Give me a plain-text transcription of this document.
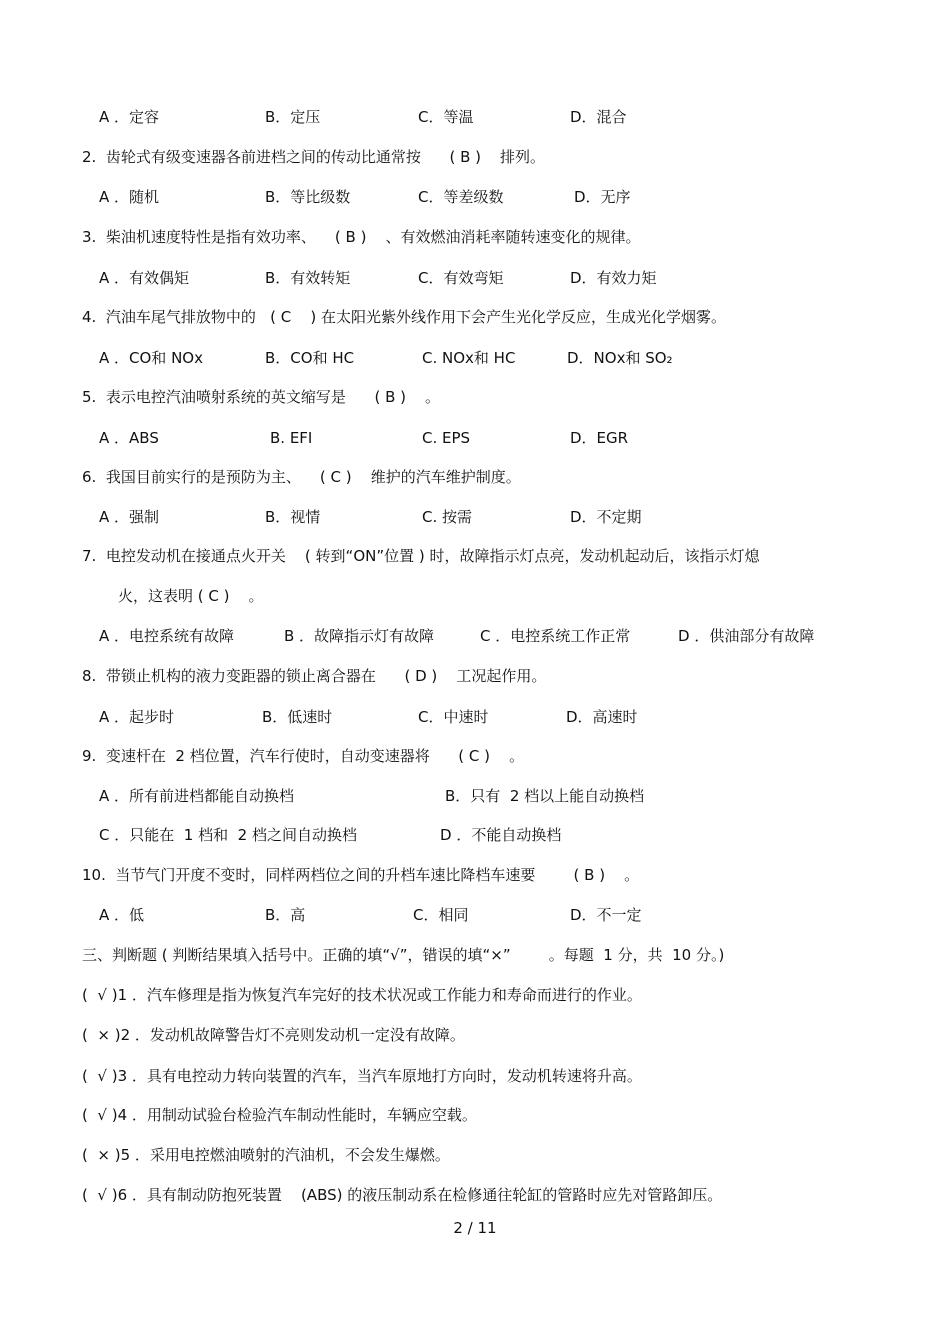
A ．定容	B．定压	C．等温	D．混合
2.  齿轮式有级变速器各前进档之间的传动比通常按      ( B )    排列。
A ．随机	B．等比级数	C．等差级数	D．无序
3.  柴油机速度特性是指有效功率、    ( B )    、有效燃油消耗率随转速变化的规律。
A ．有效偶矩	B．有效转矩	C．有效弯矩	D．有效力矩
4.  汽油车尾气排放物中的   ( C    ) 在太阳光紫外线作用下会产生光化学反应，生成光化学烟雾。
A ．CO和 NOx	B．CO和 HC	C. NOx和 HC	D．NOx和 SO₂
5.  表示电控汽油喷射系统的英文缩写是      ( B )    。
A ．ABS	B. EFI	C. EPS	D．EGR
6.  我国目前实行的是预防为主、    ( C )    维护的汽车维护制度。
A ．强制	B．视情	C. 按需	D．不定期
7.  电控发动机在接通点火开关    ( 转到“ON”位置 ) 时，故障指示灯点亮，发动机起动后，该指示灯熄
火，这表明 ( C )    。
A ．电控系统有故障	B ．故障指示灯有故障	C ．电控系统工作正常	D ．供油部分有故障
8.  带锁止机构的液力变距器的锁止离合器在      ( D )    工况起作用。
A ．起步时	B．低速时	C．中速时	D．高速时
9.  变速杆在  2 档位置，汽车行使时，自动变速器将      ( C )    。
A ．所有前进档都能自动换档	B．只有  2 档以上能自动换档
C ．只能在  1 档和  2 档之间自动换档	D ．不能自动换档
10.  当节气门开度不变时，同样两档位之间的升档车速比降档车速要        ( B )    。
A ．低	B．高	C．相同	D．不一定
三、判断题 ( 判断结果填入括号中。正确的填“√”，错误的填“×”        。每题  1 分，共  10 分。)
(  √ )1 ．汽车修理是指为恢复汽车完好的技术状况或工作能力和寿命而进行的作业。
(  × )2 ．发动机故障警告灯不亮则发动机一定没有故障。
(  √ )3 ．具有电控动力转向装置的汽车，当汽车原地打方向时，发动机转速将升高。
(  √ )4 ．用制动试验台检验汽车制动性能时，车辆应空载。
(  × )5 ．采用电控燃油喷射的汽油机，不会发生爆燃。
(  √ )6 ．具有制动防抱死装置    (ABS) 的液压制动系在检修通往轮缸的管路时应先对管路卸压。
2 / 11
